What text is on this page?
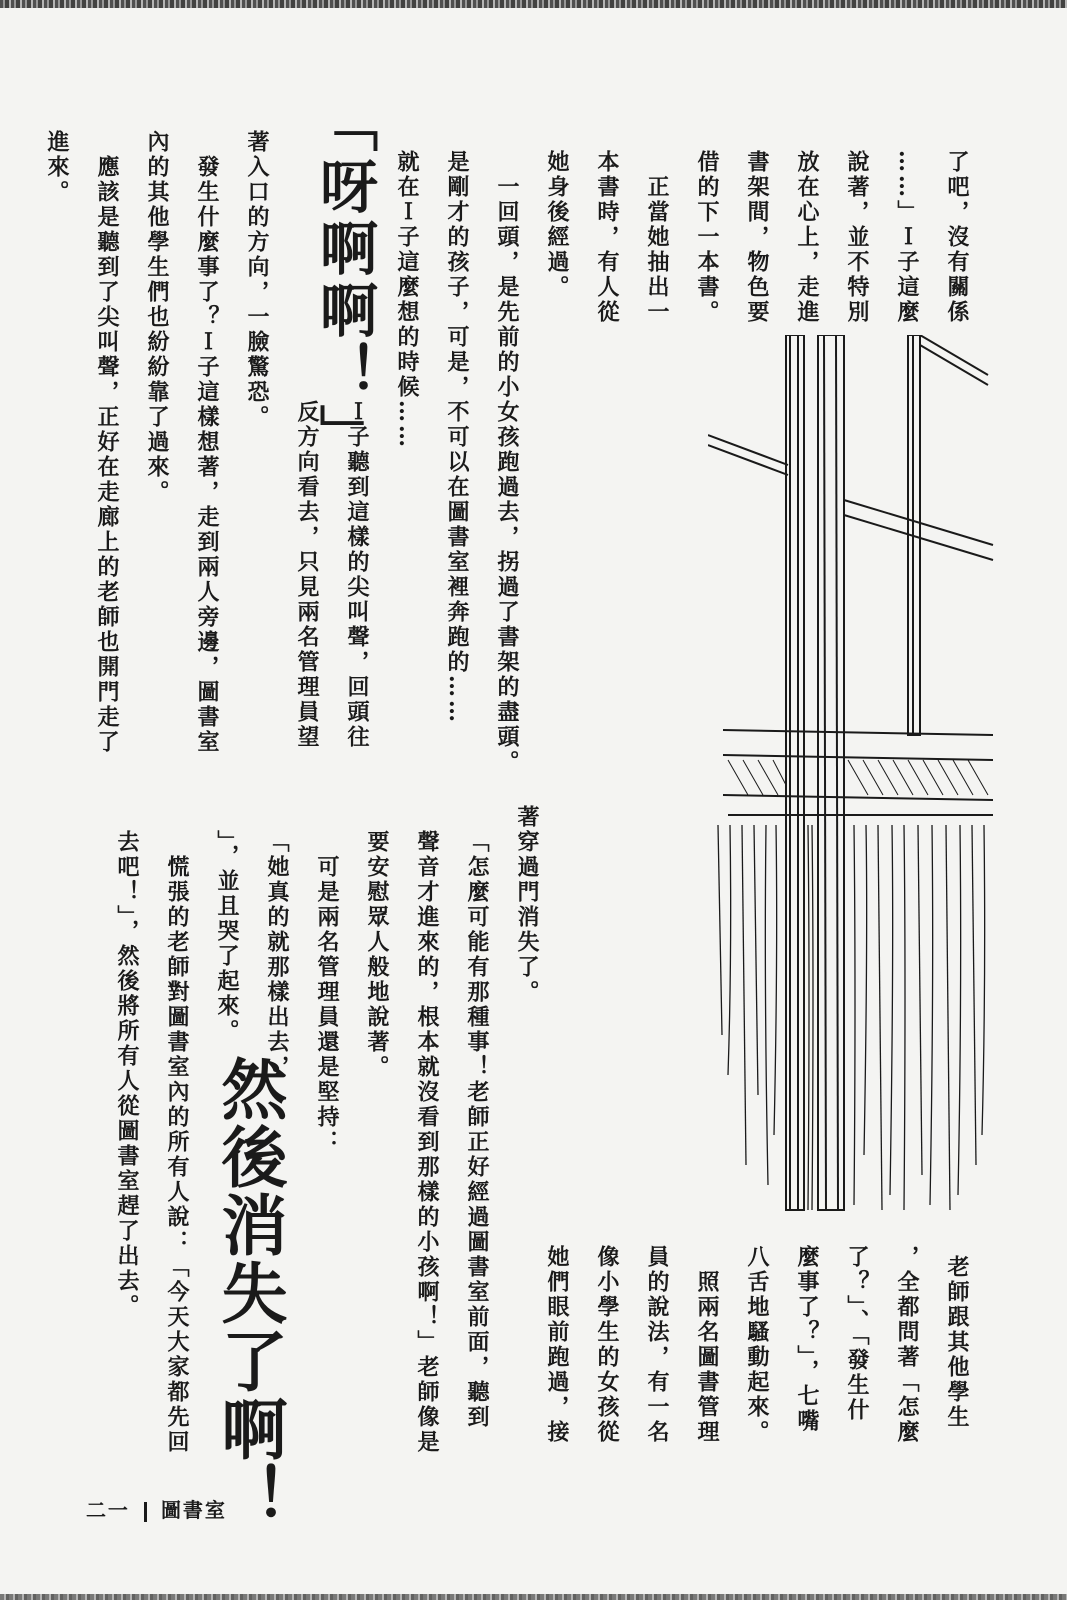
了吧，沒有關係
……」Ｉ子這麼
說著，並不特別
放在心上，走進
書架間，物色要
借的下一本書。
　正當她抽出一
本書時，有人從
她身後經過。
　一回頭，是先前的小女孩跑過去，拐過了書架的盡頭。
是剛才的孩子，可是，不可以在圖書室裡奔跑的……
就在Ｉ子這麼想的時候……
「呀啊啊！」
Ｉ子聽到這樣的尖叫聲，回頭往
反方向看去，只見兩名管理員望
著入口的方向，一臉驚恐。
　發生什麼事了？Ｉ子這樣想著，走到兩人旁邊，圖書室
內的其他學生們也紛紛靠了過來。
　應該是聽到了尖叫聲，正好在走廊上的老師也開門走了
進來。
老師跟其他學生
，全都問著「怎麼
了？」、「發生什
麼事了？」，七嘴
八舌地騷動起來。
　照兩名圖書管理
員的說法，有一名
像小學生的女孩從
她們眼前跑過，接
著穿過門消失了。
「怎麼可能有那種事！老師正好經過圖書室前面，聽到
聲音才進來的，根本就沒看到那樣的小孩啊！」老師像是
要安慰眾人般地說著。
　可是兩名管理員還是堅持：
「她真的就那樣出去，
然後消失了啊！
」，並且哭了起來。
　慌張的老師對圖書室內的所有人說：「今天大家都先回
去吧！」，然後將所有人從圖書室趕了出去。

二一 圖書室
